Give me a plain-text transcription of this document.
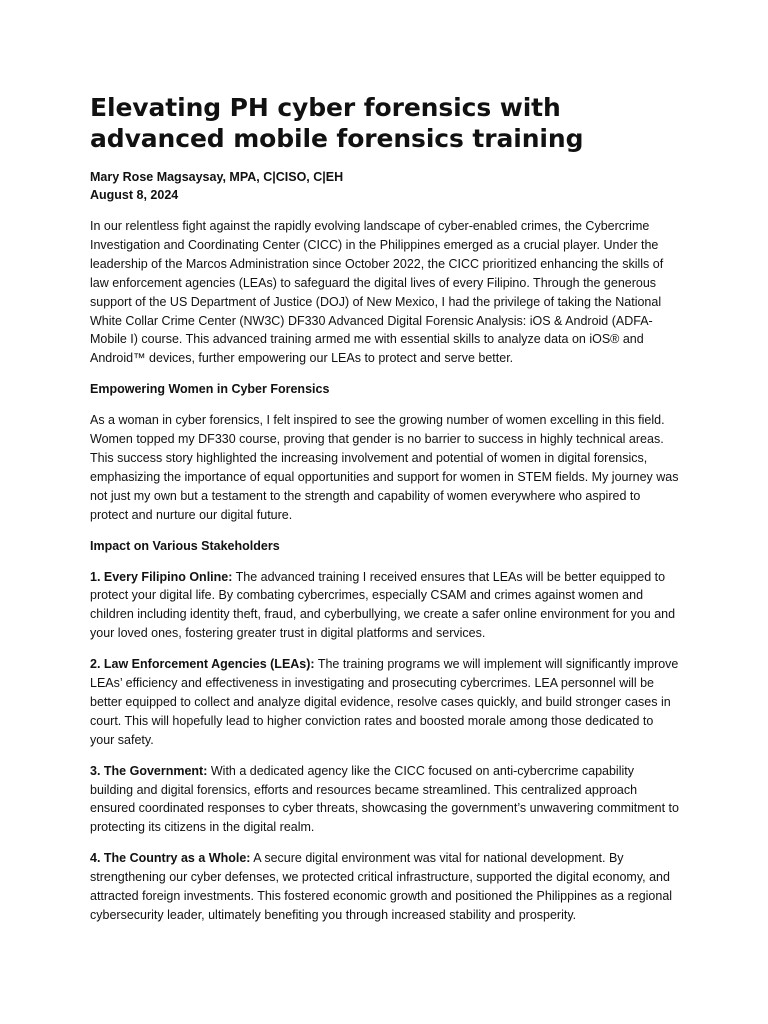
Elevating PH cyber forensics with advanced mobile forensics training

Mary Rose Magsaysay, MPA, C|CISO, C|EH

August 8, 2024

In our relentless fight against the rapidly evolving landscape of cyber-enabled crimes, the Cybercrime Investigation and Coordinating Center (CICC) in the Philippines emerged as a crucial player. Under the leadership of the Marcos Administration since October 2022, the CICC prioritized enhancing the skills of law enforcement agencies (LEAs) to safeguard the digital lives of every Filipino. Through the generous support of the US Department of Justice (DOJ) of New Mexico, I had the privilege of taking the National White Collar Crime Center (NW3C) DF330 Advanced Digital Forensic Analysis: iOS & Android (ADFA-Mobile I) course. This advanced training armed me with essential skills to analyze data on iOS® and Android™ devices, further empowering our LEAs to protect and serve better.

Empowering Women in Cyber Forensics

As a woman in cyber forensics, I felt inspired to see the growing number of women excelling in this field. Women topped my DF330 course, proving that gender is no barrier to success in highly technical areas. This success story highlighted the increasing involvement and potential of women in digital forensics, emphasizing the importance of equal opportunities and support for women in STEM fields. My journey was not just my own but a testament to the strength and capability of women everywhere who aspired to protect and nurture our digital future.

Impact on Various Stakeholders

1. Every Filipino Online: The advanced training I received ensures that LEAs will be better equipped to protect your digital life. By combating cybercrimes, especially CSAM and crimes against women and children including identity theft, fraud, and cyberbullying, we create a safer online environment for you and your loved ones, fostering greater trust in digital platforms and services.

2. Law Enforcement Agencies (LEAs): The training programs we will implement will significantly improve LEAs’ efficiency and effectiveness in investigating and prosecuting cybercrimes. LEA personnel will be better equipped to collect and analyze digital evidence, resolve cases quickly, and build stronger cases in court. This will hopefully lead to higher conviction rates and boosted morale among those dedicated to your safety.

3. The Government: With a dedicated agency like the CICC focused on anti-cybercrime capability building and digital forensics, efforts and resources became streamlined. This centralized approach ensured coordinated responses to cyber threats, showcasing the government’s unwavering commitment to protecting its citizens in the digital realm.

4. The Country as a Whole: A secure digital environment was vital for national development. By strengthening our cyber defenses, we protected critical infrastructure, supported the digital economy, and attracted foreign investments. This fostered economic growth and positioned the Philippines as a regional cybersecurity leader, ultimately benefiting you through increased stability and prosperity.
